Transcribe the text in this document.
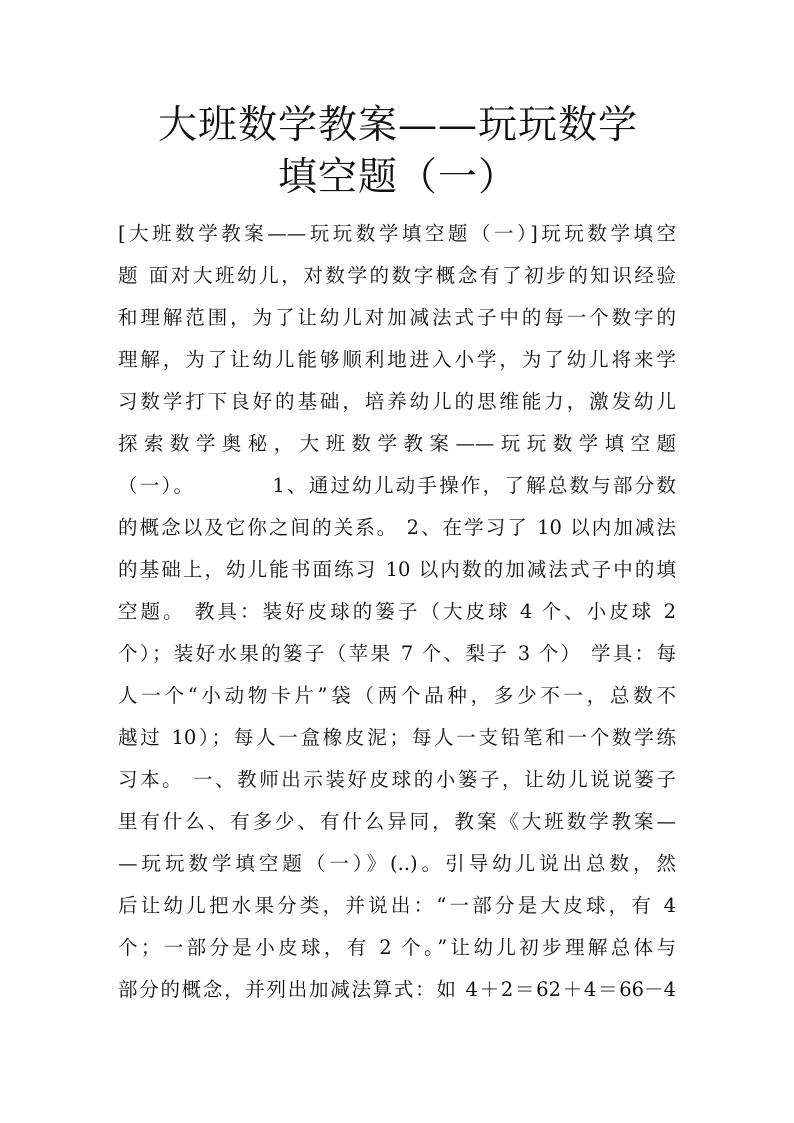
大班数学教案——玩玩数学
填空题（一）
[大班数学教案——玩玩数学填空题（一）]玩玩数学填空
题 面对大班幼儿，对数学的数字概念有了初步的知识经验
和理解范围，为了让幼儿对加减法式子中的每一个数字的
理解，为了让幼儿能够顺利地进入小学，为了幼儿将来学
习数学打下良好的基础，培养幼儿的思维能力，激发幼儿
探索数学奥秘，大班数学教案——玩玩数学填空题
（一）。　　　　1、通过幼儿动手操作，了解总数与部分数
的概念以及它你之间的关系。 2、在学习了 10 以内加减法
的基础上，幼儿能书面练习 10 以内数的加减法式子中的填
空题。 教具：装好皮球的篓子（大皮球 4 个、小皮球 2
个）；装好水果的篓子（苹果 7 个、梨子 3 个） 学具：每
人一个“小动物卡片”袋（两个品种，多少不一，总数不
越过 10）；每人一盒橡皮泥；每人一支铅笔和一个数学练
习本。 一、教师出示装好皮球的小篓子，让幼儿说说篓子
里有什么、有多少、有什么异同，教案《大班数学教案—
—玩玩数学填空题（一）》(..)。引导幼儿说出总数，然
后让幼儿把水果分类，并说出：“一部分是大皮球，有 4
个；一部分是小皮球，有 2 个。”让幼儿初步理解总体与
部分的概念，并列出加减法算式：如 4＋2＝62＋4＝66－4
